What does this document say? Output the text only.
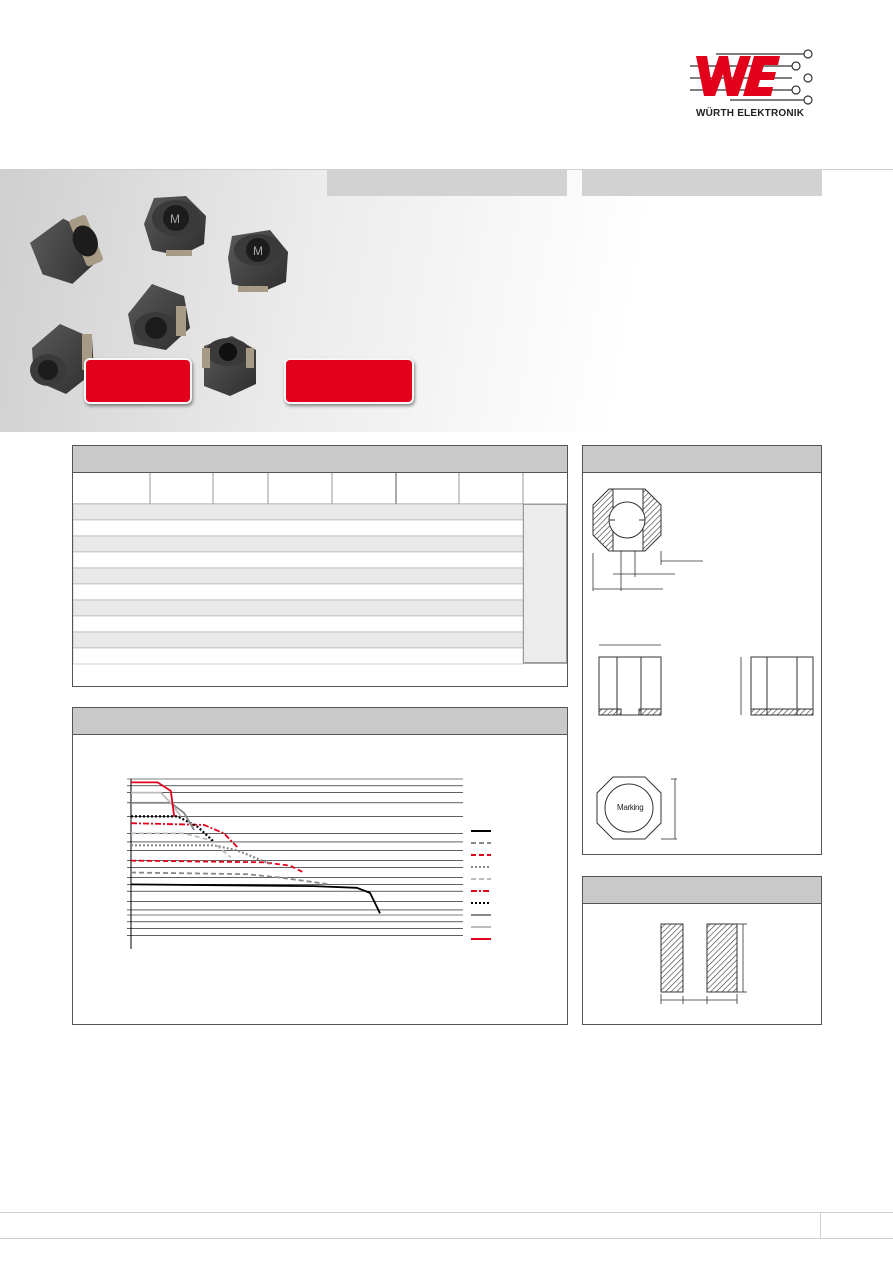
WÜRTH ELEKTRONIK
M
M
Marking
